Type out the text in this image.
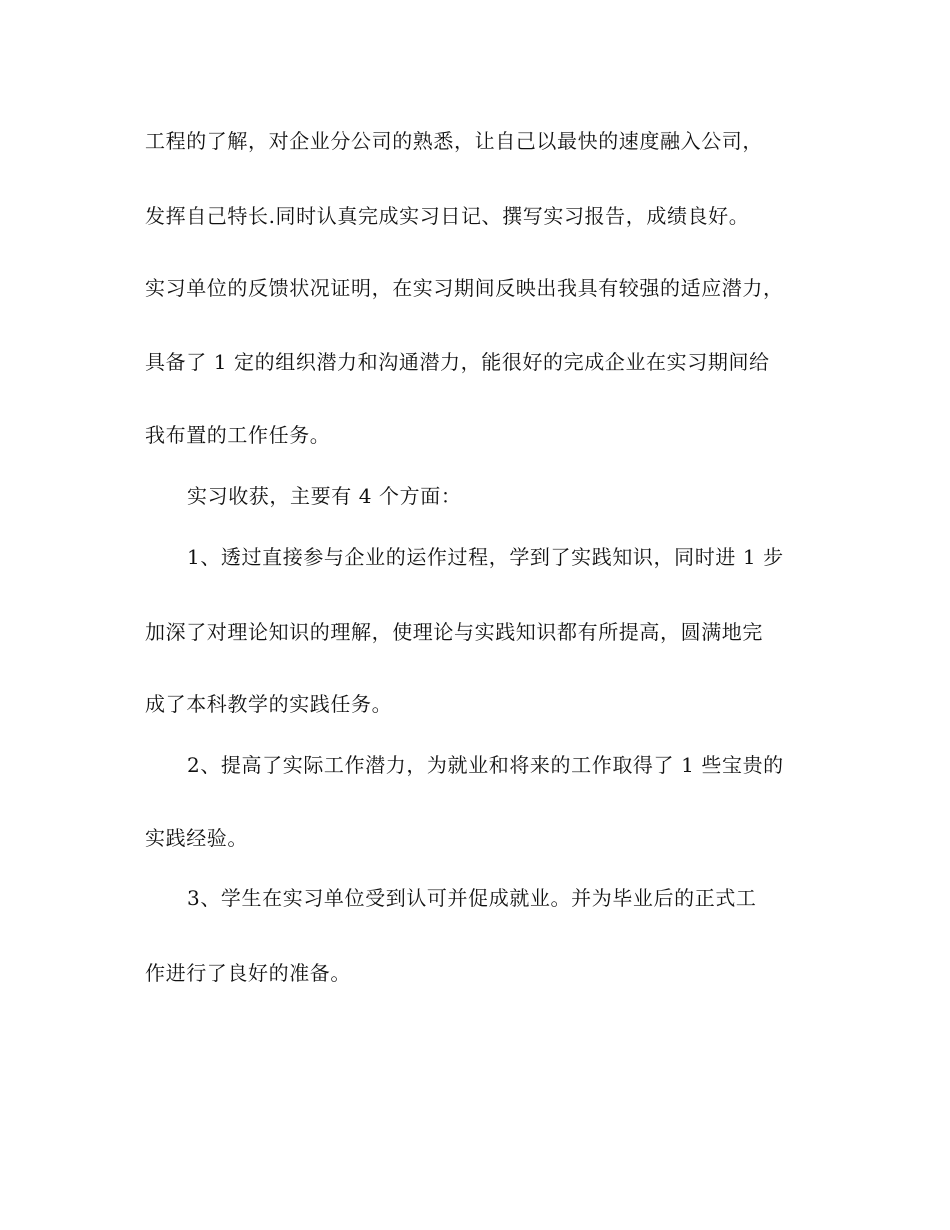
工程的了解，对企业分公司的熟悉，让自己以最快的速度融入公司，
发挥自己特长.同时认真完成实习日记、撰写实习报告，成绩良好。
实习单位的反馈状况证明，在实习期间反映出我具有较强的适应潜力，
具备了 1 定的组织潜力和沟通潜力，能很好的完成企业在实习期间给
我布置的工作任务。
实习收获，主要有 4 个方面：
1、透过直接参与企业的运作过程，学到了实践知识，同时进 1 步
加深了对理论知识的理解，使理论与实践知识都有所提高，圆满地完
成了本科教学的实践任务。
2、提高了实际工作潜力，为就业和将来的工作取得了 1 些宝贵的
实践经验。
3、学生在实习单位受到认可并促成就业。并为毕业后的正式工
作进行了良好的准备。
